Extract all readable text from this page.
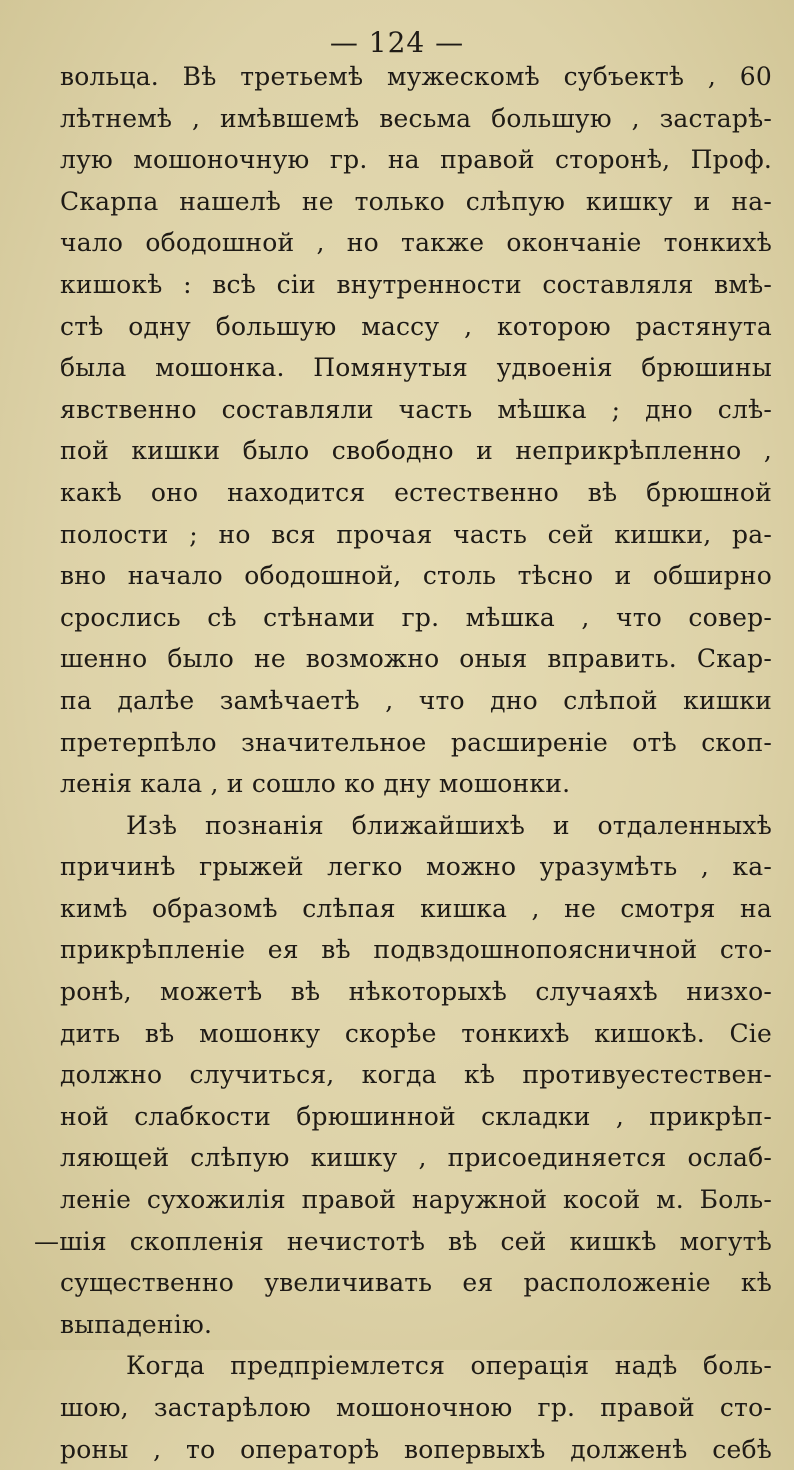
— 124 —
вольца. Вѣ третьемѣ мужескомѣ субъектѣ , 60
лѣтнемѣ , имѣвшемѣ весьма большую , застарѣ-
лую мошоночную гр. на правой сторонѣ, Проф.
Скарпа нашелѣ не только слѣпую кишку и на-
чало ободошной , но также окончаніе тонкихѣ
кишокѣ : всѣ сіи внутренности составляля вмѣ-
стѣ одну большую массу , которою растянута
была мошонка. Помянутыя удвоенія брюшины
явственно составляли часть мѣшка ; дно слѣ-
пой кишки было свободно и неприкрѣпленно ,
какѣ оно находится естественно вѣ брюшной
полости ; но вся прочая часть сей кишки, ра-
вно начало ободошной, столь тѣсно и обширно
срослись сѣ стѣнами гр. мѣшка , что совер-
шенно было не возможно оныя вправить. Скар-
па далѣе замѣчаетѣ , что дно слѣпой кишки
претерпѣло значительное расширеніе отѣ скоп-
ленія кала , и сошло ко дну мошонки.
Изѣ познанія ближайшихѣ и отдаленныхѣ
причинѣ грыжей легко можно уразумѣть , ка-
кимѣ образомѣ слѣпая кишка , не смотря на
прикрѣпленіе ея вѣ подвздошнопоясничной сто-
ронѣ, можетѣ вѣ нѣкоторыхѣ случаяхѣ низхо-
дить вѣ мошонку скорѣе тонкихѣ кишокѣ. Сіе
должно случиться, когда кѣ противуестествен-
ной слабкости брюшинной складки , прикрѣп-
ляющей слѣпую кишку , присоединяется ослаб-
леніе сухожилія правой наружной косой м. Боль-
—шія скопленія нечистотѣ вѣ сей кишкѣ могутѣ
существенно увеличивать ея расположеніе кѣ
выпаденію.
Когда предпріемлется операція надѣ боль-
шою, застарѣлою мошоночною гр. правой сто-
роны , то операторѣ вопервыхѣ долженѣ себѣ
